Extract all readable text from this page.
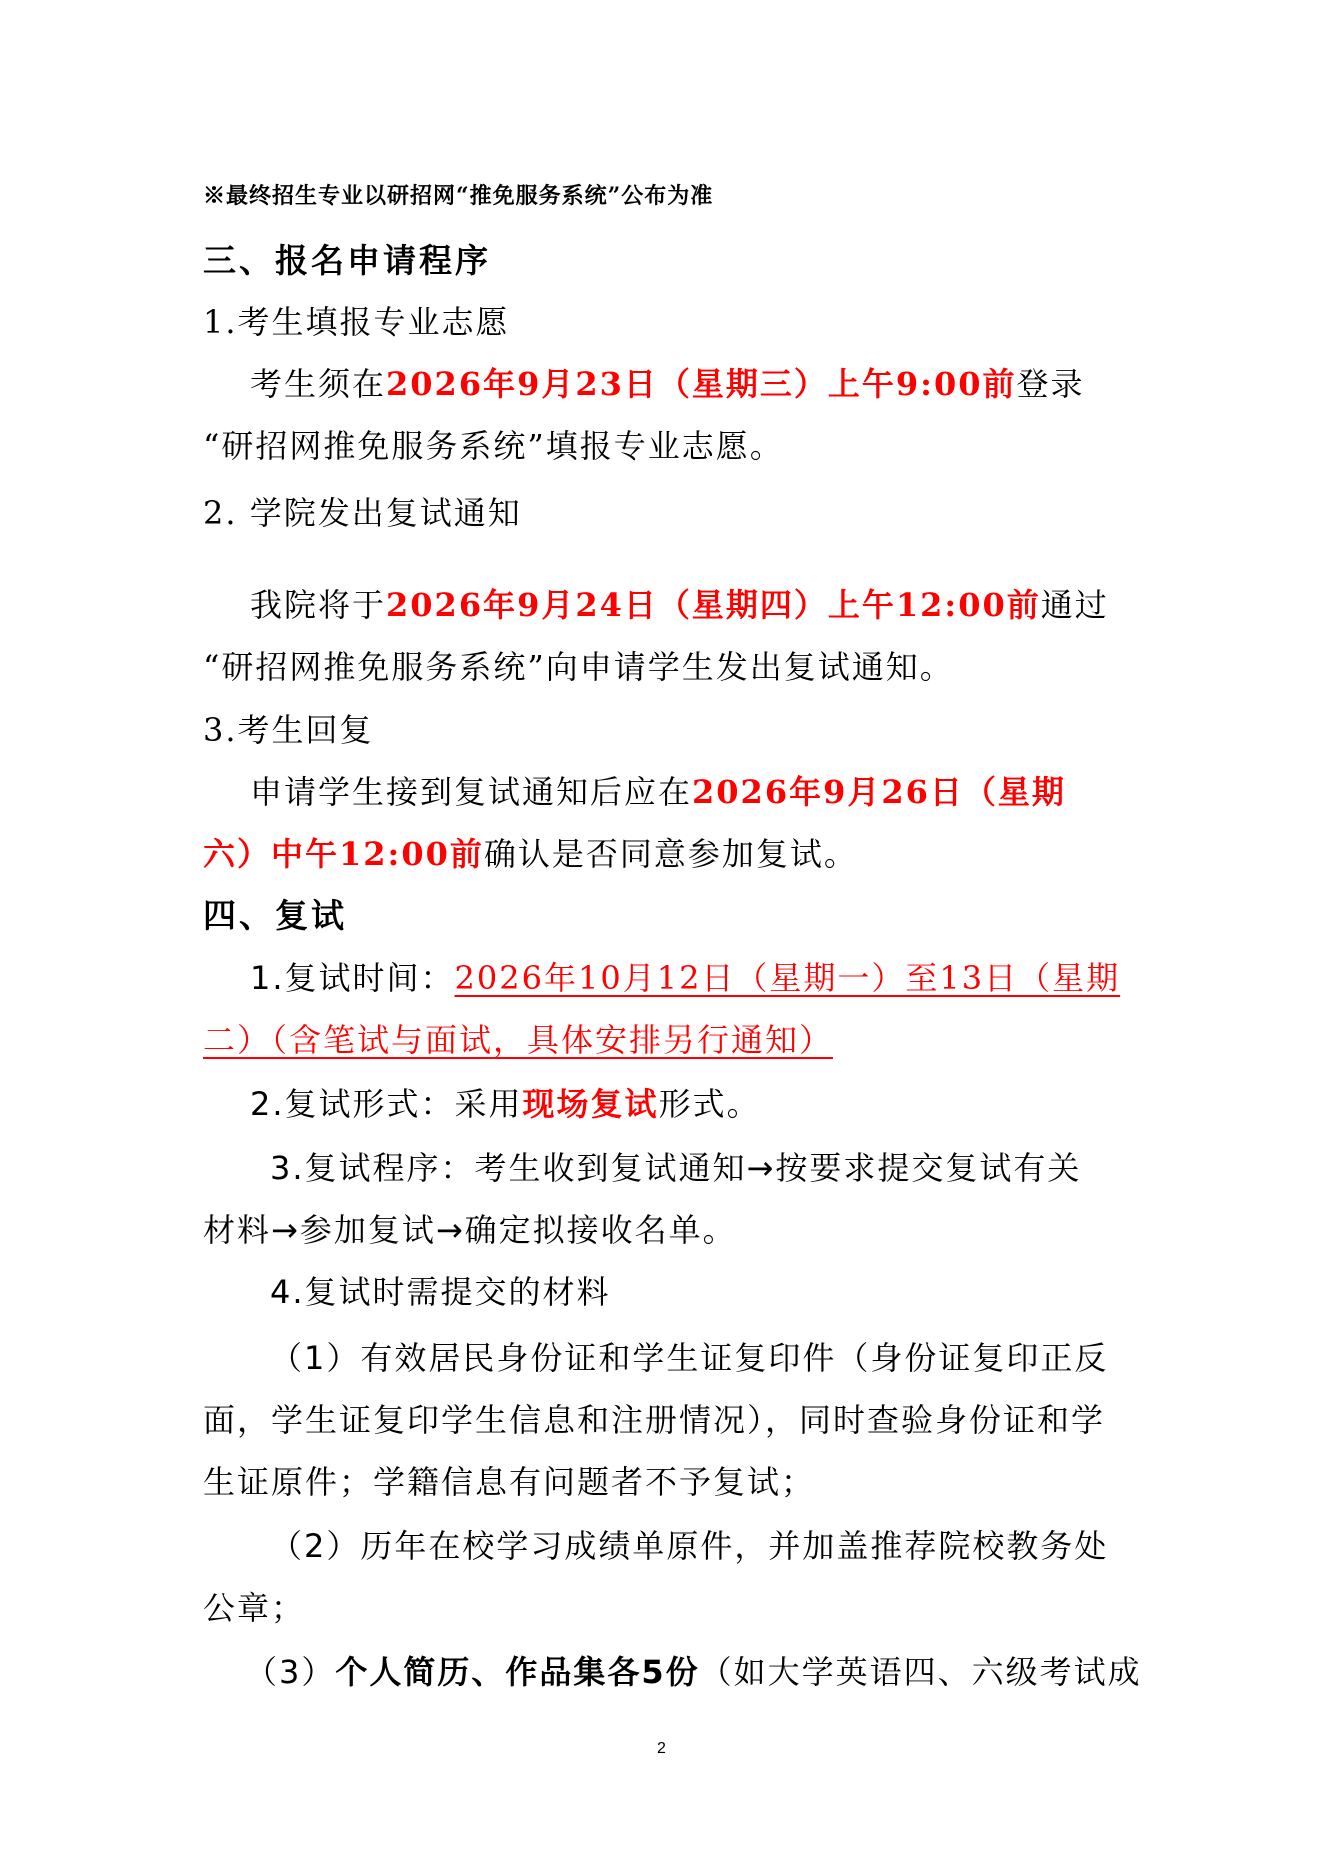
※最终招生专业以研招网“推免服务系统”公布为准
三、报名申请程序
1.考生填报专业志愿
考生须在2026年9月23日（星期三）上午9:00前登录
“研招网推免服务系统”填报专业志愿。
2. 学院发出复试通知
我院将于2026年9月24日（星期四）上午12:00前通过
“研招网推免服务系统”向申请学生发出复试通知。
3.考生回复
申请学生接到复试通知后应在2026年9月26日（星期
六）中午12:00前确认是否同意参加复试。
四、复试
1.复试时间：2026年10月12日（星期一）至13日（星期
二）（含笔试与面试，具体安排另行通知）
2.复试形式：采用现场复试形式。
3.复试程序：考生收到复试通知→按要求提交复试有关
材料→参加复试→确定拟接收名单。
4.复试时需提交的材料
（1）有效居民身份证和学生证复印件（身份证复印正反
面，学生证复印学生信息和注册情况），同时查验身份证和学
生证原件；学籍信息有问题者不予复试；
（2）历年在校学习成绩单原件，并加盖推荐院校教务处
公章；
（3）个人简历、作品集各5份（如大学英语四、六级考试成
2
